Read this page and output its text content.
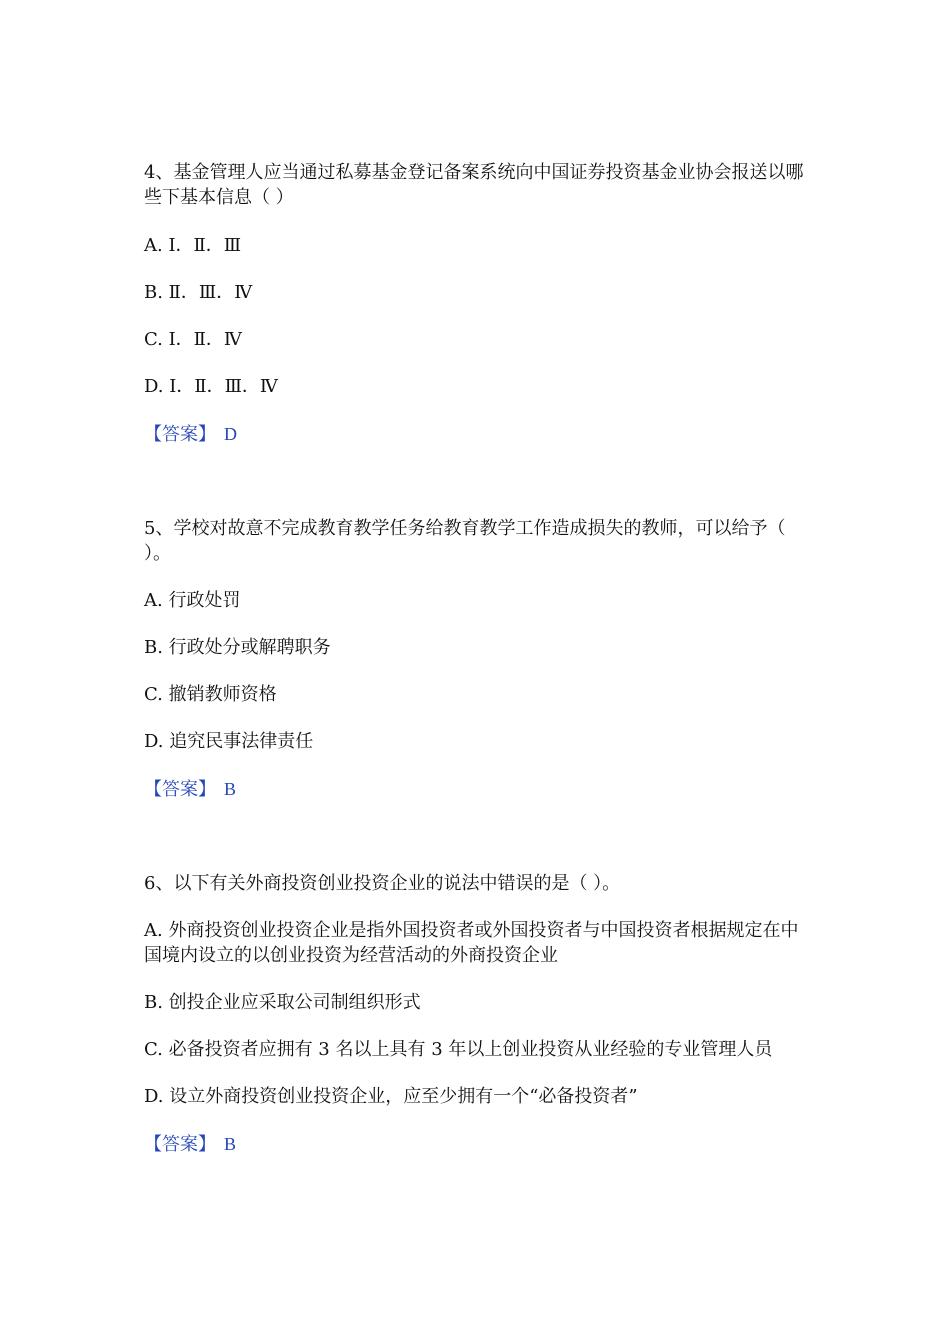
4、基金管理人应当通过私募基金登记备案系统向中国证券投资基金业协会报送以哪些下基本信息（ ）

A. Ⅰ．Ⅱ．Ⅲ
B. Ⅱ．Ⅲ．Ⅳ
C. Ⅰ．Ⅱ．Ⅳ
D. Ⅰ．Ⅱ．Ⅲ．Ⅳ
【答案】 D

5、学校对故意不完成教育教学任务给教育教学工作造成损失的教师，可以给予（ ）。

A. 行政处罚
B. 行政处分或解聘职务
C. 撤销教师资格
D. 追究民事法律责任
【答案】 B

6、以下有关外商投资创业投资企业的说法中错误的是（ ）。

A. 外商投资创业投资企业是指外国投资者或外国投资者与中国投资者根据规定在中国境内设立的以创业投资为经营活动的外商投资企业
B. 创投企业应采取公司制组织形式
C. 必备投资者应拥有 3 名以上具有 3 年以上创业投资从业经验的专业管理人员
D. 设立外商投资创业投资企业，应至少拥有一个“必备投资者”
【答案】 B
